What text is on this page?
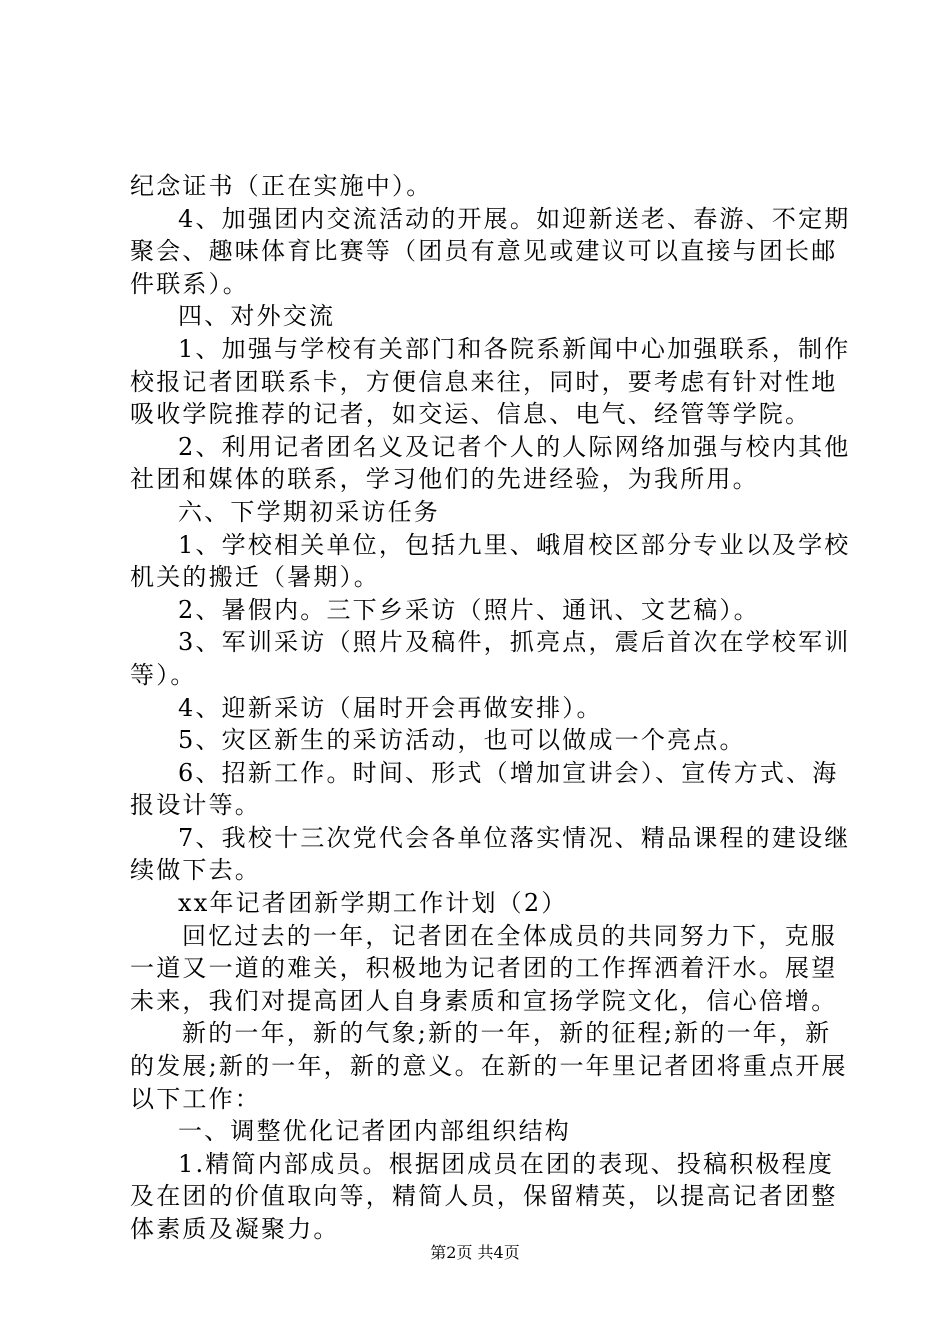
纪念证书（正在实施中）。

4、加强团内交流活动的开展。如迎新送老、春游、不定期

聚会、趣味体育比赛等（团员有意见或建议可以直接与团长邮

件联系）。

四、对外交流

1、加强与学校有关部门和各院系新闻中心加强联系，制作

校报记者团联系卡，方便信息来往，同时，要考虑有针对性地

吸收学院推荐的记者，如交运、信息、电气、经管等学院。

2、利用记者团名义及记者个人的人际网络加强与校内其他

社团和媒体的联系，学习他们的先进经验，为我所用。

六、下学期初采访任务

1、学校相关单位，包括九里、峨眉校区部分专业以及学校

机关的搬迁（暑期）。

2、暑假内。三下乡采访（照片、通讯、文艺稿）。

3、军训采访（照片及稿件，抓亮点，震后首次在学校军训

等）。

4、迎新采访（届时开会再做安排）。

5、灾区新生的采访活动，也可以做成一个亮点。

6、招新工作。时间、形式（增加宣讲会）、宣传方式、海

报设计等。

7、我校十三次党代会各单位落实情况、精品课程的建设继

续做下去。

xx年记者团新学期工作计划（2）

回忆过去的一年，记者团在全体成员的共同努力下，克服

一道又一道的难关，积极地为记者团的工作挥洒着汗水。展望

未来，我们对提高团人自身素质和宣扬学院文化，信心倍增。

新的一年，新的气象;新的一年，新的征程;新的一年，新

的发展;新的一年，新的意义。在新的一年里记者团将重点开展

以下工作：

一、调整优化记者团内部组织结构

1.精简内部成员。根据团成员在团的表现、投稿积极程度

及在团的价值取向等，精简人员，保留精英，以提高记者团整

体素质及凝聚力。

第2页 共4页
